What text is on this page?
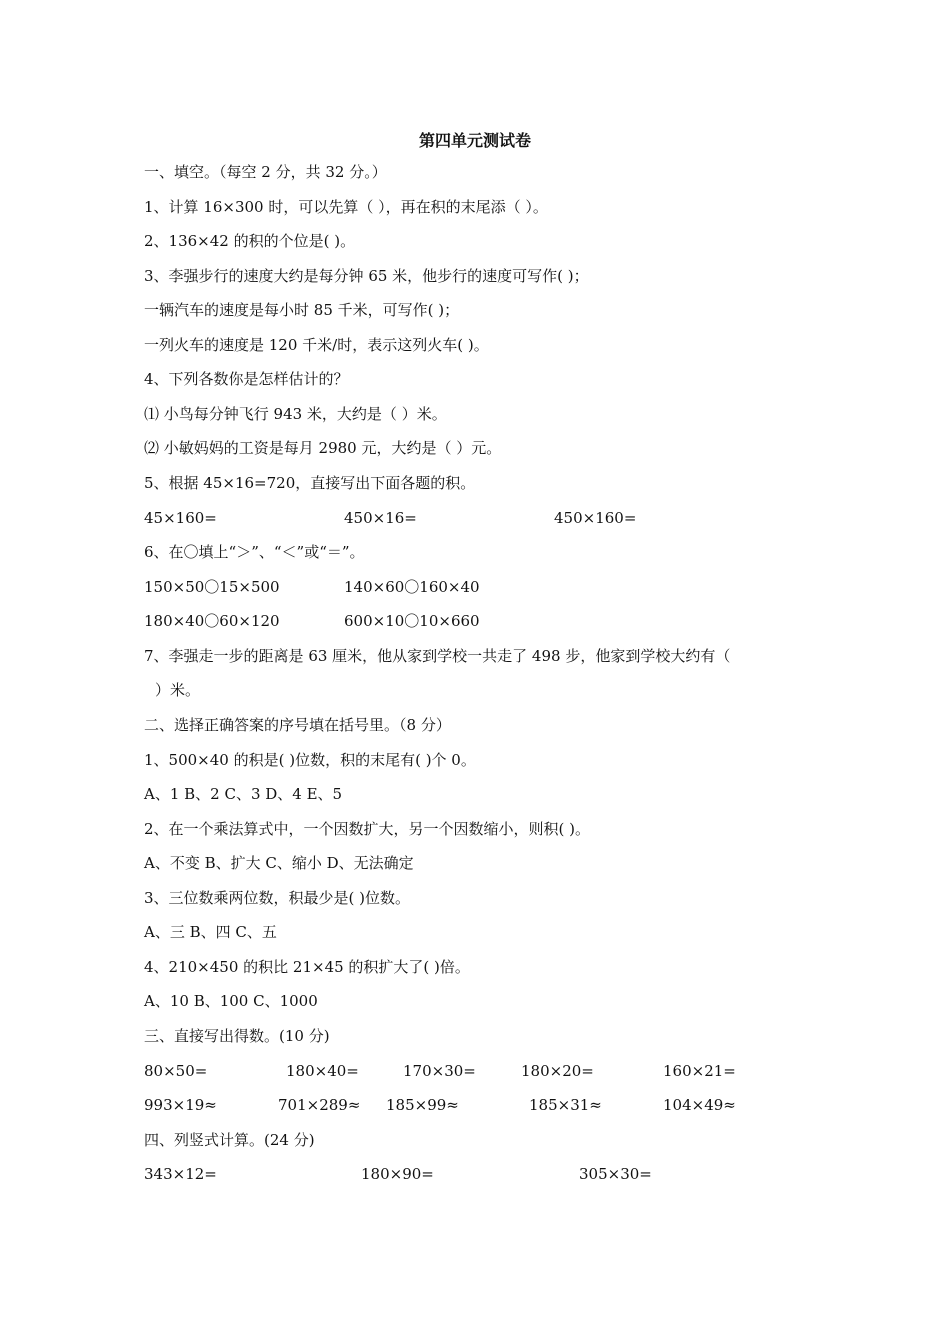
第四单元测试卷
一、填空。（每空 2 分，共 32 分。）
1、计算 16×300 时，可以先算（ ），再在积的末尾添（ ）。
2、136×42 的积的个位是( )。
3、李强步行的速度大约是每分钟 65 米，他步行的速度可写作( )；
一辆汽车的速度是每小时 85 千米，可写作( )；
一列火车的速度是 120 千米/时，表示这列火车( )。
4、下列各数你是怎样估计的？
⑴ 小鸟每分钟飞行 943 米，大约是（ ）米。
⑵ 小敏妈妈的工资是每月 2980 元，大约是（ ）元。
5、根据 45×16=720，直接写出下面各题的积。
45×160=	450×16=	450×160=
6、在〇填上“＞”、“＜”或“＝”。
150×50〇15×500	140×60〇160×40
180×40〇60×120	600×10〇10×660
7、李强走一步的距离是 63 厘米，他从家到学校一共走了 498 步，他家到学校大约有（
）米。
二、选择正确答案的序号填在括号里。（8 分）
1、500×40 的积是( )位数，积的末尾有( )个 0。
A、1 B、2 C、3 D、4 E、5
2、在一个乘法算式中，一个因数扩大，另一个因数缩小，则积( )。
A、不变 B、扩大 C、缩小 D、无法确定
3、三位数乘两位数，积最少是( )位数。
A、三 B、四 C、五
4、210×450 的积比 21×45 的积扩大了( )倍。
A、10 B、100 C、1000
三、直接写出得数。(10 分)
80×50=	180×40=	170×30=	180×20=	160×21=
993×19≈	701×289≈ 185×99≈	185×31≈	104×49≈
四、列竖式计算。(24 分)
343×12=	180×90=	305×30=
